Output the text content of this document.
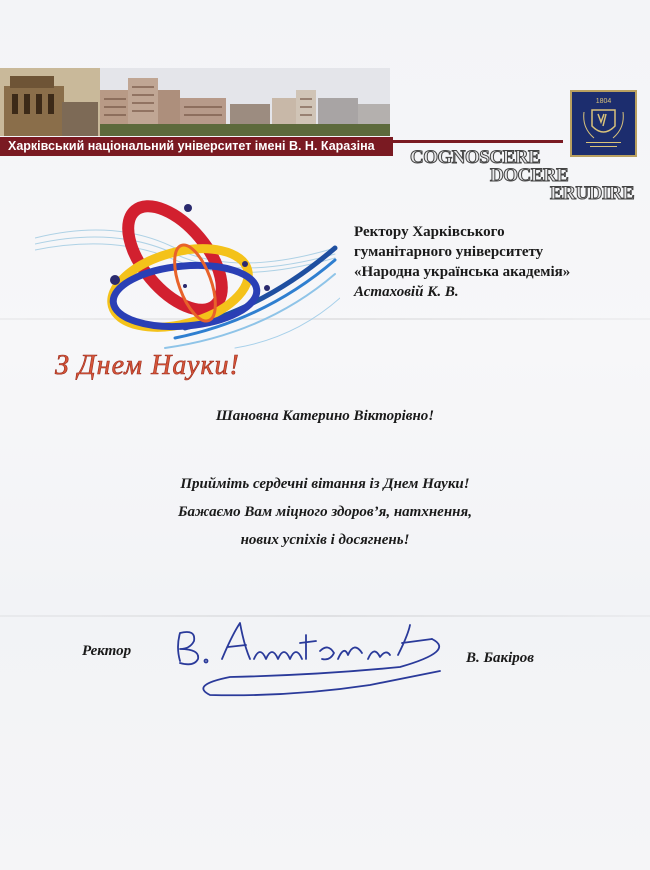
Харківський національний університет імені В. Н. Каразіна
1804
COGNOSCERE
DOCERE
ERUDIRE
З Днем Науки!
Ректору Харківського
гуманітарного університету
«Народна українська академія»
Астаховій К. В.
Шановна Катерино Вікторівно!
Прийміть сердечні вітання із Днем Науки!
Бажаємо Вам міцного здоров’я, натхнення,
нових успіхів і досягнень!
Ректор	В. Бакіров
